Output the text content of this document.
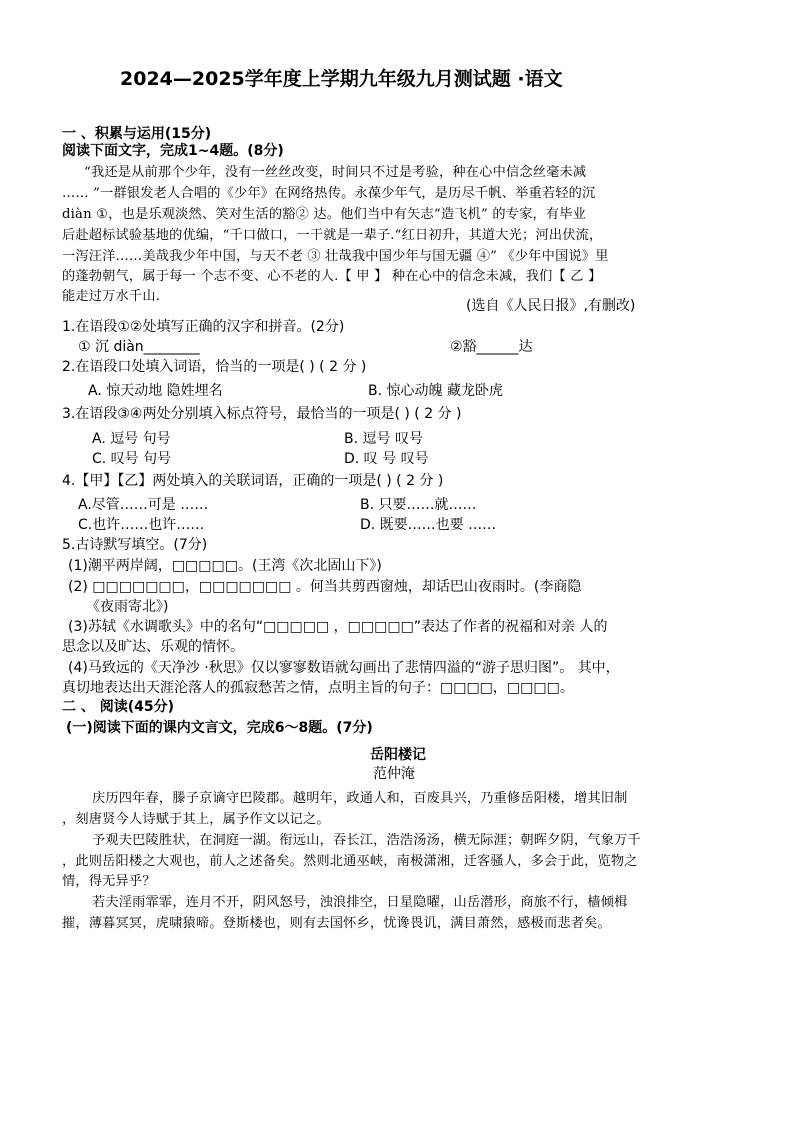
2024—2025学年度上学期九年级九月测试题 ·语文
一 、积累与运用(15分)
阅读下面文字，完成1~4题。(8分)
“我还是从前那个少年，没有一丝丝改变，时间只不过是考验，种在心中信念丝毫未减
…… ”一群银发老人合唱的《少年》在网络热传。永葆少年气，是历尽千帆、举重若轻的沉
diàn ①，也是乐观淡然、笑对生活的豁② 达。他们当中有矢志“造飞机” 的专家，有毕业
后赴超标试验基地的优编，“千口做口，一干就是一辈子.“红日初升，其道大光；河出伏流，
一泻汪洋……美哉我少年中国，与天不老 ③ 壮哉我中国少年与国无疆 ④” 《少年中国说》里
的蓬勃朝气，属于每一 个志不变、心不老的人.【 甲 】 种在心中的信念未减，我们【 乙 】
能走过万水千山.
(选自《人民日报》,有删改)
1.在语段①②处填写正确的汉字和拼音。(2分)
① 沉 diàn________	②豁______达
2.在语段口处填入词语，恰当的一项是( ) ( 2 分 )
A. 惊天动地 隐姓埋名	B. 惊心动魄 藏龙卧虎
3.在语段③④两处分别填入标点符号，最恰当的一项是( ) ( 2 分 )
A. 逗号 句号	B. 逗号 叹号
C. 叹号 句号	D. 叹 号 叹号
4.【甲】【乙】两处填入的关联词语，正确的一项是( ) ( 2 分 )
A.尽管……可是 ……	B. 只要……就……
C.也许……也许……	D. 既要……也要 ……
5.古诗默写填空。(7分)
(1)潮平两岸阔，□□□□□。(王湾《次北固山下》)
(2) □□□□□□□，□□□□□□□ 。何当共剪西窗烛，却话巴山夜雨时。(李商隐
《夜雨寄北》)
(3)苏轼《水调歌头》中的名句“□□□□□ ，□□□□□”表达了作者的祝福和对亲 人的
思念以及旷达、乐观的情怀。
(4)马致远的《天净沙 ·秋思》仅以寥寥数语就勾画出了悲情四溢的“游子思归图”。 其中，
真切地表达出天涯沦落人的孤寂愁苦之情，点明主旨的句子：□□□□，□□□□。
二 、 阅读(45分)
(一)阅读下面的课内文言文，完成6～8题。(7分)
岳阳楼记
范仲淹
庆历四年春，滕子京谪守巴陵郡。越明年，政通人和，百废具兴，乃重修岳阳楼，增其旧制
，刻唐贤今人诗赋于其上，属予作文以记之。
予观夫巴陵胜状，在洞庭一湖。衔远山，吞长江，浩浩汤汤，横无际涯；朝晖夕阴，气象万千
，此则岳阳楼之大观也，前人之述备矣。然则北通巫峡，南极潇湘，迁客骚人，多会于此，览物之
情，得无异乎？
若夫淫雨霏霏，连月不开，阴风怒号，浊浪排空，日星隐曜，山岳潜形，商旅不行，樯倾楫
摧，薄暮冥冥，虎啸猿啼。登斯楼也，则有去国怀乡，忧谗畏讥，满目萧然，感极而悲者矣。
